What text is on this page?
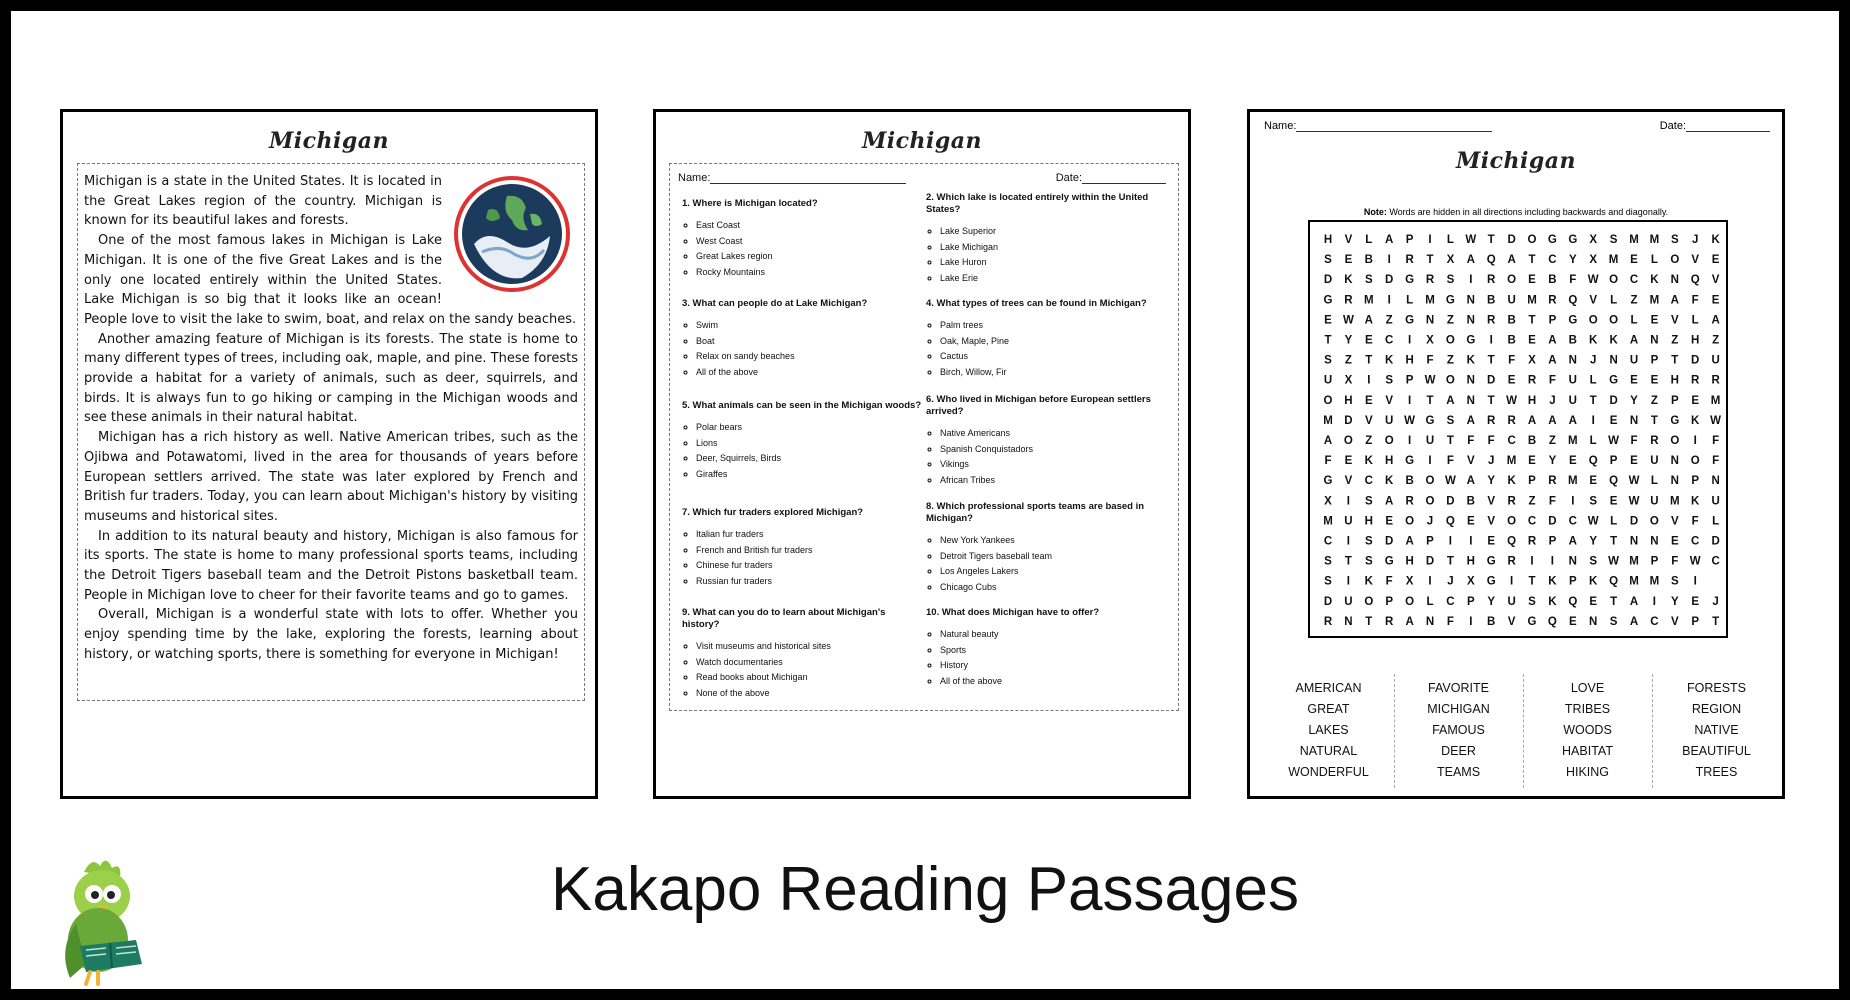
Michigan

Michigan is a state in the United States. It is located in the Great Lakes region of the country. Michigan is known for its beautiful lakes and forests.

One of the most famous lakes in Michigan is Lake Michigan. It is one of the five Great Lakes and is the only one located entirely within the United States. Lake Michigan is so big that it looks like an ocean! People love to visit the lake to swim, boat, and relax on the sandy beaches.

Another amazing feature of Michigan is its forests. The state is home to many different types of trees, including oak, maple, and pine. These forests provide a habitat for a variety of animals, such as deer, squirrels, and birds. It is always fun to go hiking or camping in the Michigan woods and see these animals in their natural habitat.

Michigan has a rich history as well. Native American tribes, such as the Ojibwa and Potawatomi, lived in the area for thousands of years before European settlers arrived. The state was later explored by French and British fur traders. Today, you can learn about Michigan's history by visiting museums and historical sites.

In addition to its natural beauty and history, Michigan is also famous for its sports. The state is home to many professional sports teams, including the Detroit Tigers baseball team and the Detroit Pistons basketball team. People in Michigan love to cheer for their favorite teams and go to games.

Overall, Michigan is a wonderful state with lots to offer. Whether you enjoy spending time by the lake, exploring the forests, learning about history, or watching sports, there is something for everyone in Michigan!

Michigan
Name:	Date:
1. Where is Michigan located?
◦ East Coast
◦ West Coast
◦ Great Lakes region
◦ Rocky Mountains
2. Which lake is located entirely within the United States?
◦ Lake Superior
◦ Lake Michigan
◦ Lake Huron
◦ Lake Erie
3. What can people do at Lake Michigan?
◦ Swim
◦ Boat
◦ Relax on sandy beaches
◦ All of the above
4. What types of trees can be found in Michigan?
◦ Palm trees
◦ Oak, Maple, Pine
◦ Cactus
◦ Birch, Willow, Fir
5. What animals can be seen in the Michigan woods?
◦ Polar bears
◦ Lions
◦ Deer, Squirrels, Birds
◦ Giraffes
6. Who lived in Michigan before European settlers arrived?
◦ Native Americans
◦ Spanish Conquistadors
◦ Vikings
◦ African Tribes
7. Which fur traders explored Michigan?
◦ Italian fur traders
◦ French and British fur traders
◦ Chinese fur traders
◦ Russian fur traders
8. Which professional sports teams are based in Michigan?
◦ New York Yankees
◦ Detroit Tigers baseball team
◦ Los Angeles Lakers
◦ Chicago Cubs
9. What can you do to learn about Michigan's history?
◦ Visit museums and historical sites
◦ Watch documentaries
◦ Read books about Michigan
◦ None of the above
10. What does Michigan have to offer?
◦ Natural beauty
◦ Sports
◦ History
◦ All of the above
Name:	Date:
Michigan
Note: Words are hidden in all directions including backwards and diagonally.
H V L A P I L W T D O G G X S M M S J K
S E B I R T X A Q A T C Y X M E L O V E
D K S D G R S I R O E B F W O C K N Q V
G R M I L M G N B U M R Q V L Z M A F E
E W A Z G N Z N R B T P G O O L E V L A
T Y E C I X O G I B E A B K K A N Z H Z
S Z T K H F Z K T F X A N J N U P T D U
U X I S P W O N D E R F U L G E E H R R
O H E V I T A N T W H J U T D Y Z P E M
M D V U W G S A R R A A A I E N T G K W
A O Z O I U T F F C B Z M L W F R O I F
F E K H G I F V J M E Y E Q P E U N O F
G V C K B O W A Y K P R M E Q W L N P N
X I S A R O D B V R Z F I S E W U M K U
M U H E O J Q E V O C D C W L D O V F L
C I S D A P I I E Q R P A Y T N N E C D
S T S G H D T H G R I I N S W M P F W C
S I K F X I J X G I T K P K Q M M S I
D U O P O L C P Y U S K Q E T A I Y E J
R N T R A N F I B V G Q E N S A C V P T
AMERICAN
GREAT
LAKES
NATURAL
WONDERFUL
FAVORITE
MICHIGAN
FAMOUS
DEER
TEAMS
LOVE
TRIBES
WOODS
HABITAT
HIKING
FORESTS
REGION
NATIVE
BEAUTIFUL
TREES
Kakapo Reading Passages
